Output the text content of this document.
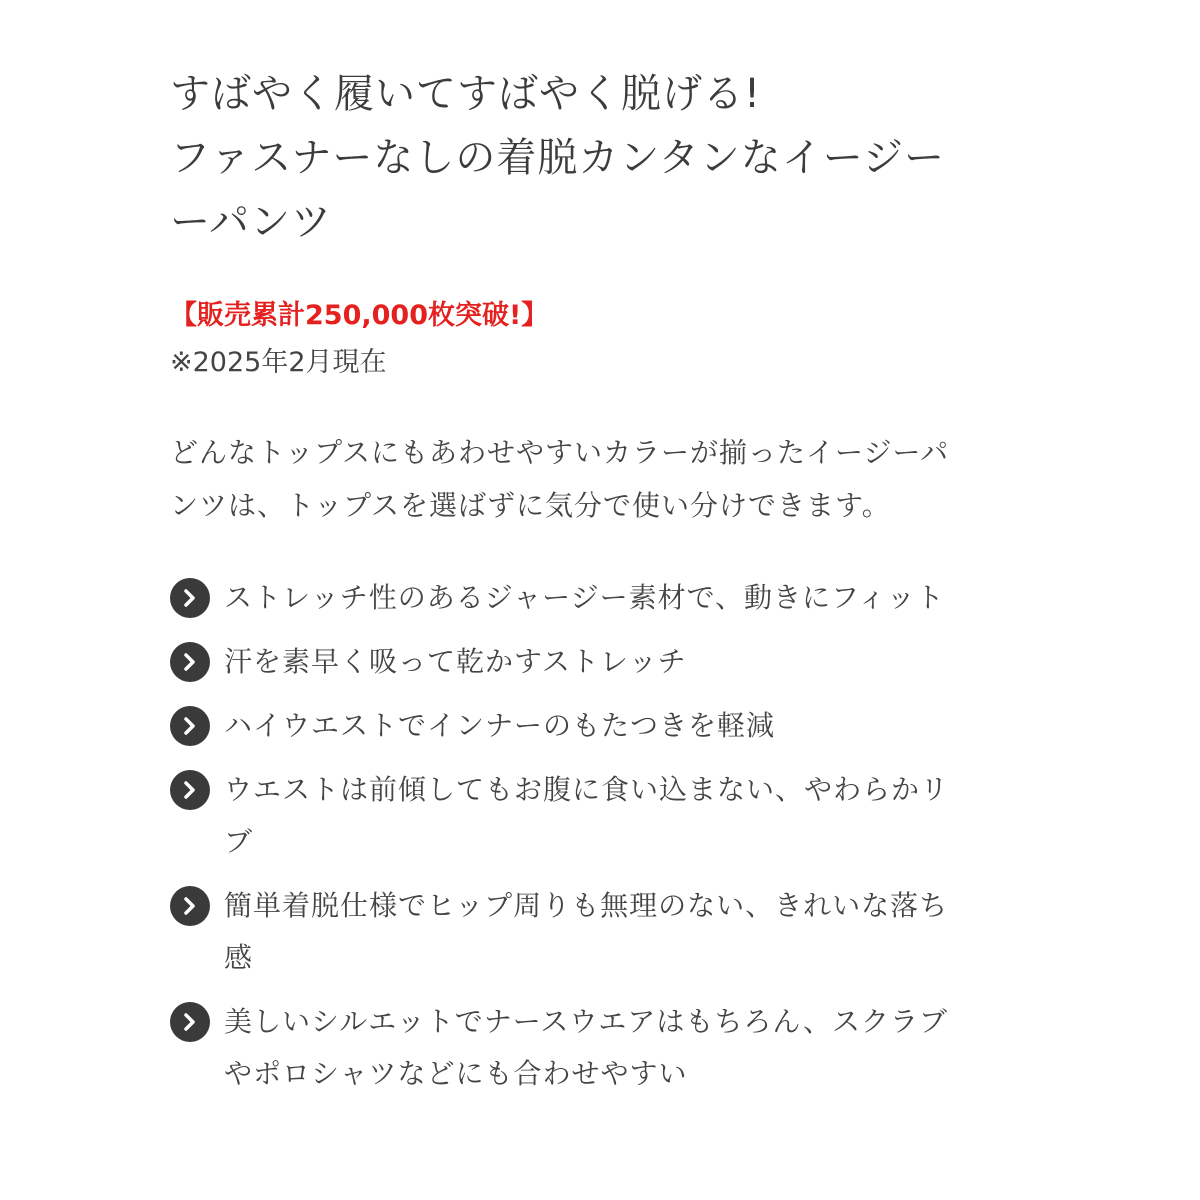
すばやく履いてすばやく脱げる!
ファスナーなしの着脱カンタンなイージー
ーパンツ
【販売累計250,000枚突破!】
※2025年2月現在

どんなトップスにもあわせやすいカラーが揃ったイージーパンツは、トップスを選ばずに気分で使い分けできます。

ストレッチ性のあるジャージー素材で、動きにフィット
汗を素早く吸って乾かすストレッチ
ハイウエストでインナーのもたつきを軽減
ウエストは前傾してもお腹に食い込まない、やわらかリブ
簡単着脱仕様でヒップ周りも無理のない、きれいな落ち感
美しいシルエットでナースウエアはもちろん、スクラブやポロシャツなどにも合わせやすい
